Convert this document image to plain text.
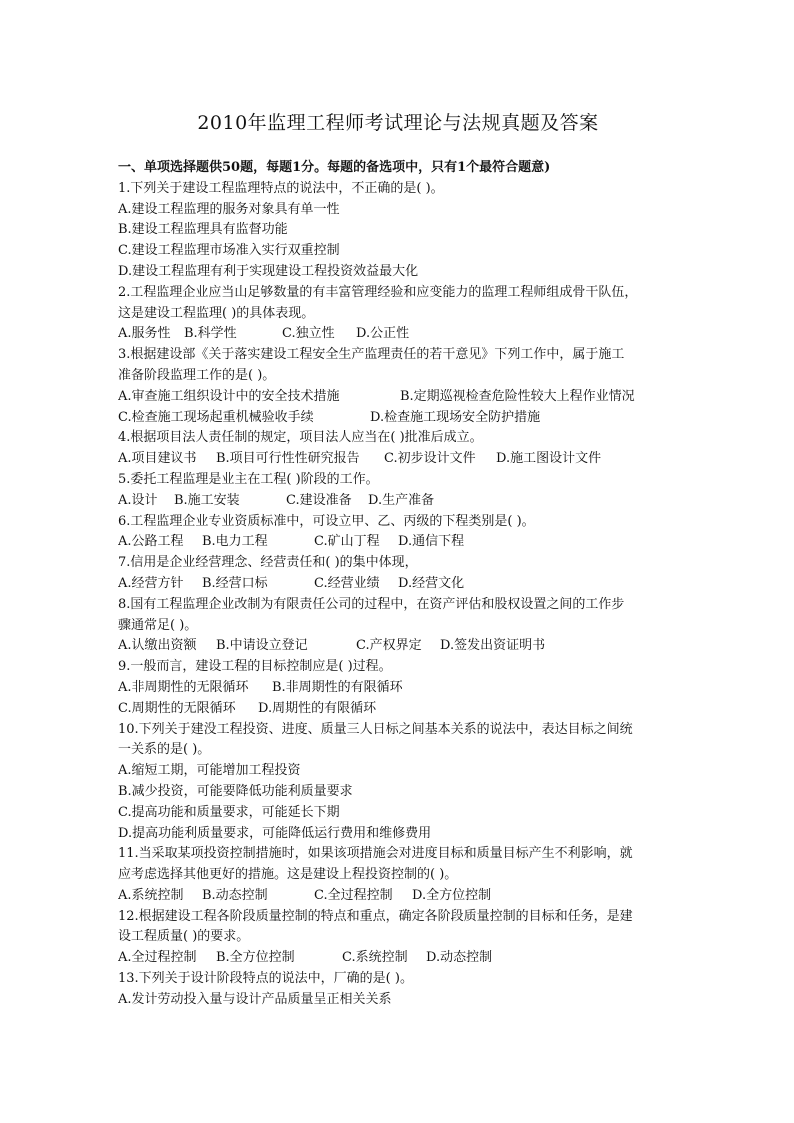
2010年监理工程师考试理论与法规真题及答案
一、单项选择题供50题，每题1分。每题的备选项中，只有1个最符合题意)
1.下列关于建设工程监理特点的说法中，不正确的是( )。
A.建设工程监理的服务对象具有单一性
B.建设工程监理具有监督功能
C.建设工程监理市场准入实行双重控制
D.建设工程监理有利于实现建设工程投资效益最大化
2.工程监理企业应当山足够数量的有丰富管理经验和应变能力的监理工程师组成骨干队伍，
这是建设工程监理( )的具体表现。
A.服务性 B.科学性	C.独立性 D.公正性
3.根据建设部《关于落实建设工程安全生产监理责任的若干意见》下列工作中，属于施工
准备阶段监理工作的是( )。
A.审查施工组织设计中的安全技术措施	B.定期巡视检查危险性较大上程作业情况
C.检查施工现场起重机械验收手续	D.检查施工现场安全防护措施
4.根据项目法人责任制的规定，项目法人应当在( )批准后成立。
A.项目建议书 B.项目可行性性研究报告 C.初步设计文件 D.施工图设计文件
5.委托工程监理是业主在工程( )阶段的工作。
A.设计 B.施工安装	C.建设准备 D.生产准备
6.工程监理企业专业资质标准中，可设立甲、乙、丙级的下程类别是( )。
A.公路工程 B.电力工程	C.矿山丁程 D.通信下程
7.信用是企业经营理念、经营责任和( )的集中体现，
A.经营方针 B.经营口标	C.经营业绩 D.经营文化
8.国有工程监理企业改制为有限责任公司的过程中，在资产评估和股权设置之间的工作步
骤通常足( )。
A.认缴出资额 B.中请设立登记	C.产权界定 D.签发出资证明书
9.一般而言，建设工程的目标控制应是( )过程。
A.非周期性的无限循环 B.非周期性的有限循环
C.周期性的无限循环 D.周期性的有限循环
10.下列关于建没工程投资、进度、质量三人日标之间基本关系的说法中，表达目标之间统
一关系的是( )。
A.缩短工期，可能增加工程投资
B.减少投资，可能要降低功能利质量要求
C.提高功能和质量要求，可能延长下期
D.提高功能利质量要求，可能降低运行费用和维修费用
11.当采取某项投资控制措施时，如果该项措施会对进度目标和质量目标产生不利影响，就
应考虑选择其他更好的措施。这是建设上程投资控制的( )。
A.系统控制 B.动态控制	C.全过程控制 D.全方位控制
12.根据建设工程各阶段质量控制的特点和重点，确定各阶段质量控制的目标和任务，是建
设工程质量( )的要求。
A.全过程控制 B.全方位控制	C.系统控制 D.动态控制
13.下列关于设计阶段特点的说法中，厂确的是( )。
A.发计劳动投入量与设计产品质量呈正相关关系
